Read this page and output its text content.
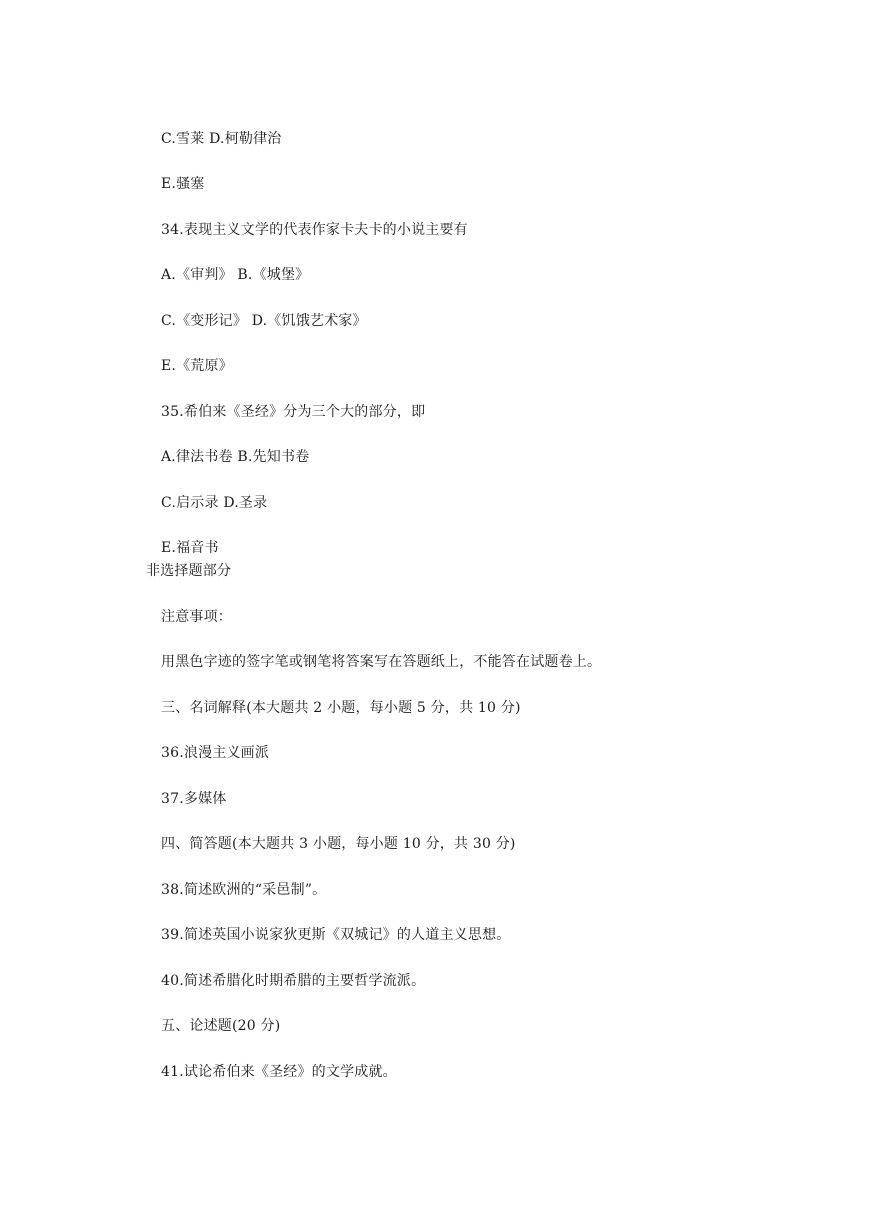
C.雪莱 D.柯勒律治
E.骚塞
34.表现主义文学的代表作家卡夫卡的小说主要有
A.《审判》 B.《城堡》
C.《变形记》 D.《饥饿艺术家》
E.《荒原》
35.希伯来《圣经》分为三个大的部分，即
A.律法书卷 B.先知书卷
C.启示录 D.圣录
E.福音书
非选择题部分
注意事项：
用黑色字迹的签字笔或钢笔将答案写在答题纸上，不能答在试题卷上。
三、名词解释(本大题共 2 小题，每小题 5 分，共 10 分)
36.浪漫主义画派
37.多媒体
四、简答题(本大题共 3 小题，每小题 10 分，共 30 分)
38.简述欧洲的“采邑制”。
39.简述英国小说家狄更斯《双城记》的人道主义思想。
40.简述希腊化时期希腊的主要哲学流派。
五、论述题(20 分)
41.试论希伯来《圣经》的文学成就。
